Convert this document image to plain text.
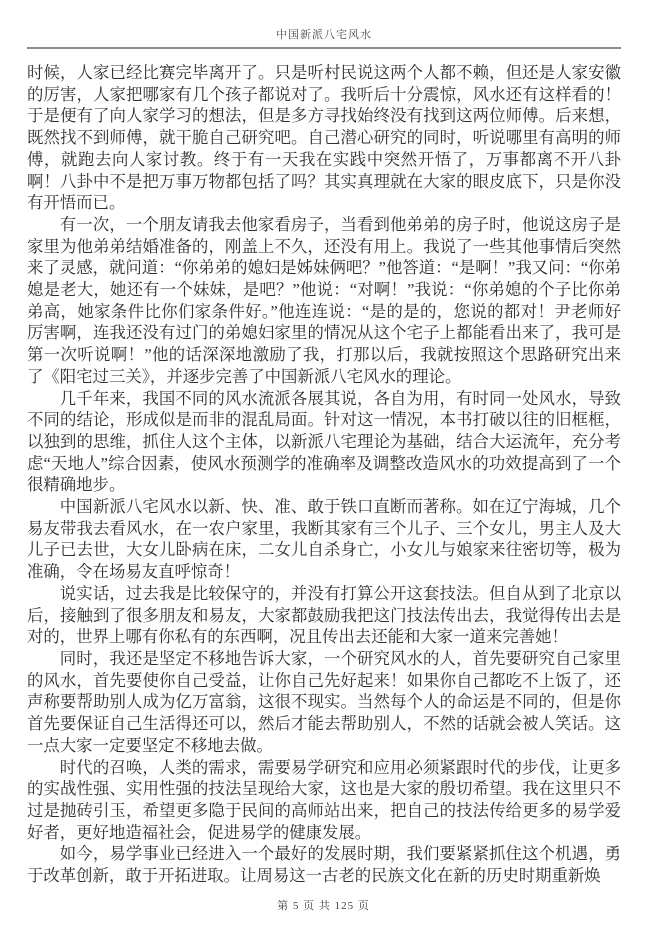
中国新派八宅风水

时候，人家已经比赛完毕离开了。只是听村民说这两个人都不赖，但还是人家安徽的厉害，人家把哪家有几个孩子都说对了。我听后十分震惊，风水还有这样看的！于是便有了向人家学习的想法，但是多方寻找始终没有找到这两位师傅。后来想，既然找不到师傅，就干脆自己研究吧。自己潜心研究的同时，听说哪里有高明的师傅，就跑去向人家讨教。终于有一天我在实践中突然开悟了，万事都离不开八卦啊！八卦中不是把万事万物都包括了吗？其实真理就在大家的眼皮底下，只是你没有开悟而已。

有一次，一个朋友请我去他家看房子，当看到他弟弟的房子时，他说这房子是家里为他弟弟结婚准备的，刚盖上不久，还没有用上。我说了一些其他事情后突然来了灵感，就问道：“你弟弟的媳妇是姊妹俩吧？”他答道：“是啊！”我又问：“你弟媳是老大，她还有一个妹妹，是吧？”他说：“对啊！”我说：“你弟媳的个子比你弟弟高，她家条件比你们家条件好。”他连连说：“是的是的，您说的都对！尹老师好厉害啊，连我还没有过门的弟媳妇家里的情况从这个宅子上都能看出来了，我可是第一次听说啊！”他的话深深地激励了我，打那以后，我就按照这个思路研究出来了《阳宅过三关》，并逐步完善了中国新派八宅风水的理论。

几千年来，我国不同的风水流派各展其说，各自为用，有时同一处风水，导致不同的结论，形成似是而非的混乱局面。针对这一情况，本书打破以往的旧框框，以独到的思维，抓住人这个主体，以新派八宅理论为基础，结合大运流年，充分考虑“天地人”综合因素，使风水预测学的准确率及调整改造风水的功效提高到了一个很精确地步。

中国新派八宅风水以新、快、准、敢于铁口直断而著称。如在辽宁海城，几个易友带我去看风水，在一农户家里，我断其家有三个儿子、三个女儿，男主人及大儿子已去世，大女儿卧病在床，二女儿自杀身亡，小女儿与娘家来往密切等，极为准确，令在场易友直呼惊奇！

说实话，过去我是比较保守的，并没有打算公开这套技法。但自从到了北京以后，接触到了很多朋友和易友，大家都鼓励我把这门技法传出去，我觉得传出去是对的，世界上哪有你私有的东西啊，况且传出去还能和大家一道来完善她！

同时，我还是坚定不移地告诉大家，一个研究风水的人，首先要研究自己家里的风水，首先要使你自己受益，让你自己先好起来！如果你自己都吃不上饭了，还声称要帮助别人成为亿万富翁，这很不现实。当然每个人的命运是不同的，但是你首先要保证自己生活得还可以，然后才能去帮助别人，不然的话就会被人笑话。这一点大家一定要坚定不移地去做。

时代的召唤，人类的需求，需要易学研究和应用必须紧跟时代的步伐，让更多的实战性强、实用性强的技法呈现给大家，这也是大家的殷切希望。我在这里只不过是抛砖引玉，希望更多隐于民间的高师站出来，把自己的技法传给更多的易学爱好者，更好地造福社会，促进易学的健康发展。

如今，易学事业已经进入一个最好的发展时期，我们要紧紧抓住这个机遇，勇于改革创新，敢于开拓进取。让周易这一古老的民族文化在新的历史时期重新焕

第 5 页 共 125 页
